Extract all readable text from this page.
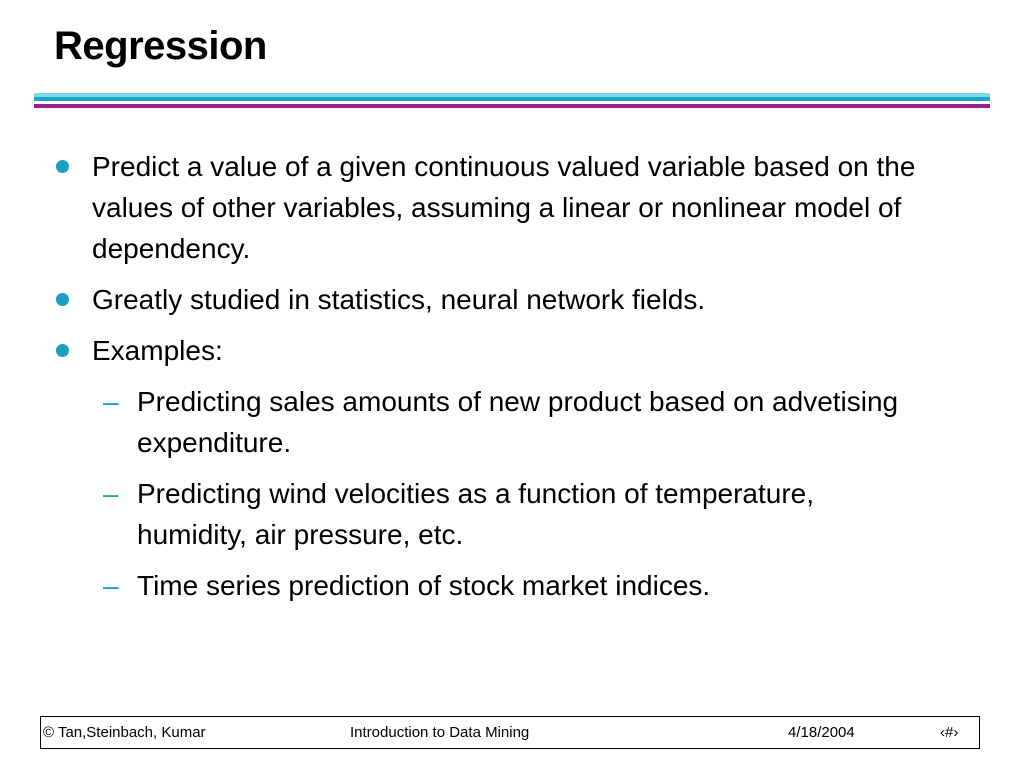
Regression
Predict a value of a given continuous valued variable based on the values of other variables, assuming a linear or nonlinear model of dependency.
Greatly studied in statistics, neural network fields.
Examples:
– Predicting sales amounts of new product based on advetising expenditure.
– Predicting wind velocities as a function of temperature, humidity, air pressure, etc.
– Time series prediction of stock market indices.
© Tan,Steinbach, Kumar	Introduction to Data Mining	4/18/2004	‹#›
